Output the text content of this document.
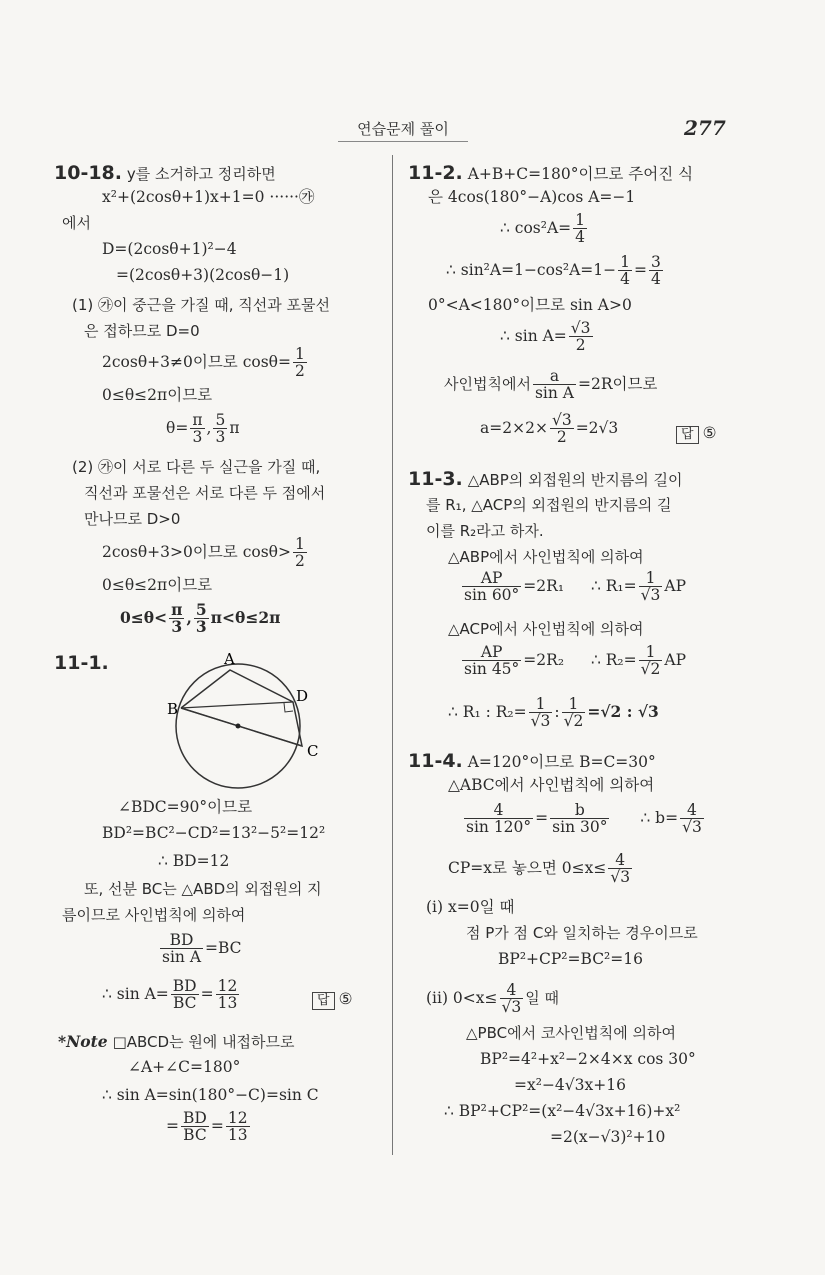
연습문제 풀이	277
10-18. y를 소거하고 정리하면
x²+(2cosθ+1)x+1=0 ······㉮
에서
D=(2cosθ+1)²−4
=(2cosθ+3)(2cosθ−1)
(1) ㉮이 중근을 가질 때, 직선과 포물선
은 접하므로 D=0
2cosθ+3≠0이므로 $\cos\theta= \frac{1}{2}$
0≤θ≤2π이므로
$\theta= \frac{\pi}{3}$ , $\frac{5}{3}$ π
(2) ㉮이 서로 다른 두 실근을 가질 때,
직선과 포물선은 서로 다른 두 점에서
만나므로 D>0
2cosθ+3>0이므로 $\cos\theta> \frac{1}{2}$
0≤θ≤2π이므로
$0\le\theta< \frac{\pi}{3}$ , $\frac{5}{3} \pi<\theta\le 2\pi$
11-1.	A
B
C
D
∠BDC=90°이므로
BD²=BC²−CD²=13²−5²=12²
∴ BD=12
또, 선분 BC는 △ABD의 외접원의 지
름이므로 사인법칙에 의하여
$\frac{BD}{\text{sin A}} =BC$
∴ $\sin A= \frac{BD}{BC} = \frac{12}{13}$	답 ⑤
*Note □ABCD는 원에 내접하므로
∠A+∠C=180°
∴ sin A=sin(180°−C)=sin C
= $\frac{BD}{BC} = \frac{12}{13}$
11-2. A+B+C=180°이므로 주어진 식
은 4cos(180°−A)cos A=−1
∴ $\cos^2A= \frac{1}{4}$
∴ $\sin^2A=1-\cos^2A=1- \frac{1}{4} = \frac{3}{4}$
0°<A<180°이므로 sin A>0
∴ $\sin A= \frac{√3}{2}$
사인법칙에서 $\frac{a}{\text{sin A}} =2R$이므로
$a=2\times 2\times \frac{√3}{2} =2√3$	답 ⑤
11-3. △ABP의 외접원의 반지름의 길이
를 R₁, △ACP의 외접원의 반지름의 길
이를 R₂라고 하자.
△ABP에서 사인법칙에 의하여
$\frac{AP}{\sin 60^\circ} =2R_1$ ∴ $R_1= \frac{1}{√3}$ AP
△ACP에서 사인법칙에 의하여
$\frac{AP}{\sin 45^\circ} =2R_2$ ∴ $R_2= \frac{1}{√2}$ AP
∴ R₁ : $R_2= \frac{1}{√3}$ : $\frac{1}{√2} =√2$ : √3
11-4. A=120°이므로 B=C=30°
△ABC에서 사인법칙에 의하여
$\frac{4}{\sin 120^\circ} = \frac{b}{\sin 30^\circ}$ ∴ $b= \frac{4}{√3}$
CP=x로 놓으면 $0\le x\le \frac{4}{√3}$
(i) x=0일 때
점 P가 점 C와 일치하는 경우이므로
BP²+CP²=BC²=16
(ii) $0<x\le \frac{4}{√3}$ 일 때
△PBC에서 코사인법칙에 의하여
BP²=4²+x²−2×4×x cos 30°
=x²−4√3x+16
∴ BP²+CP²=(x²−4√3x+16)+x²
=2(x−√3)²+10
